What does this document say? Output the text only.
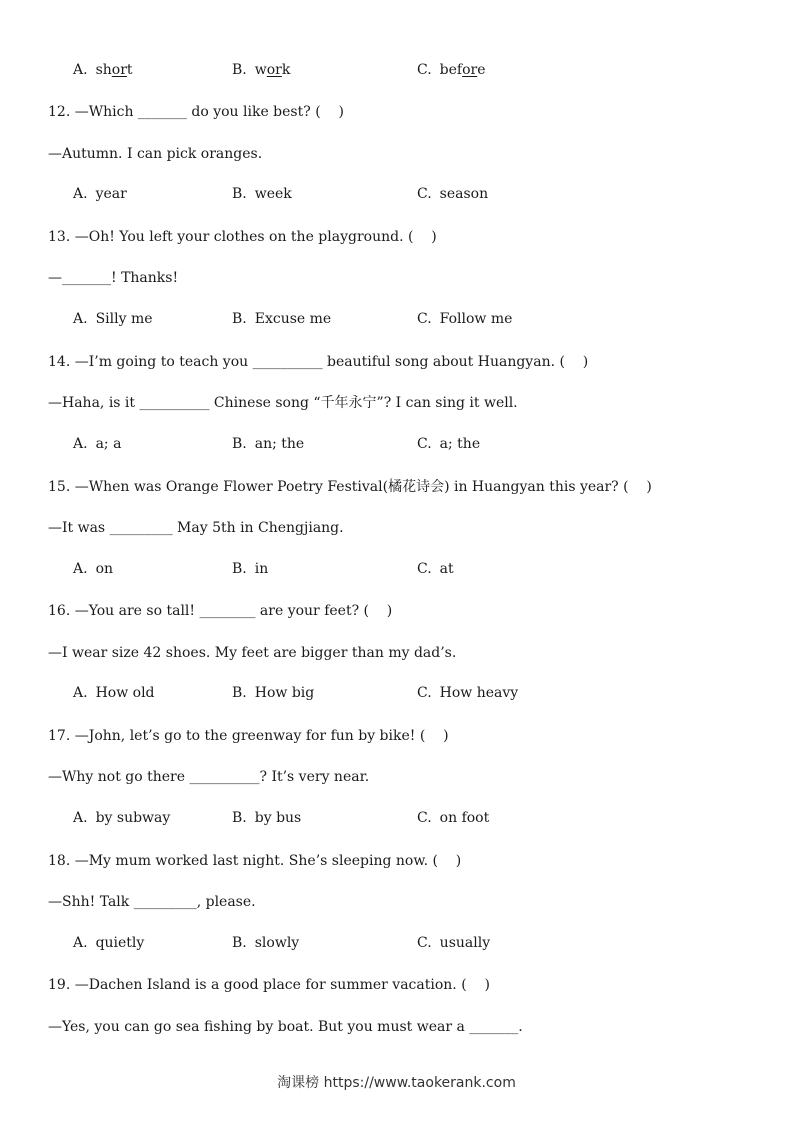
A. short	B. work	C. before
12. —Which _______ do you like best? (    )
—Autumn. I can pick oranges.
A. year	B. week	C. season
13. —Oh! You left your clothes on the playground. (    )
—_______! Thanks!
A. Silly me	B. Excuse me	C. Follow me
14. —I’m going to teach you __________ beautiful song about Huangyan. (    )
—Haha, is it __________ Chinese song “千年永宁”? I can sing it well.
A. a; a	B. an; the	C. a; the
15. —When was Orange Flower Poetry Festival(橘花诗会) in Huangyan this year? (    )
—It was _________ May 5th in Chengjiang.
A. on	B. in	C. at
16. —You are so tall! ________ are your feet? (    )
—I wear size 42 shoes. My feet are bigger than my dad’s.
A. How old	B. How big	C. How heavy
17. —John, let’s go to the greenway for fun by bike! (    )
—Why not go there __________? It’s very near.
A. by subway	B. by bus	C. on foot
18. —My mum worked last night. She’s sleeping now. (    )
—Shh! Talk _________, please.
A. quietly	B. slowly	C. usually
19. —Dachen Island is a good place for summer vacation. (    )
—Yes, you can go sea fishing by boat. But you must wear a _______.
淘课榜 https://www.taokerank.com
